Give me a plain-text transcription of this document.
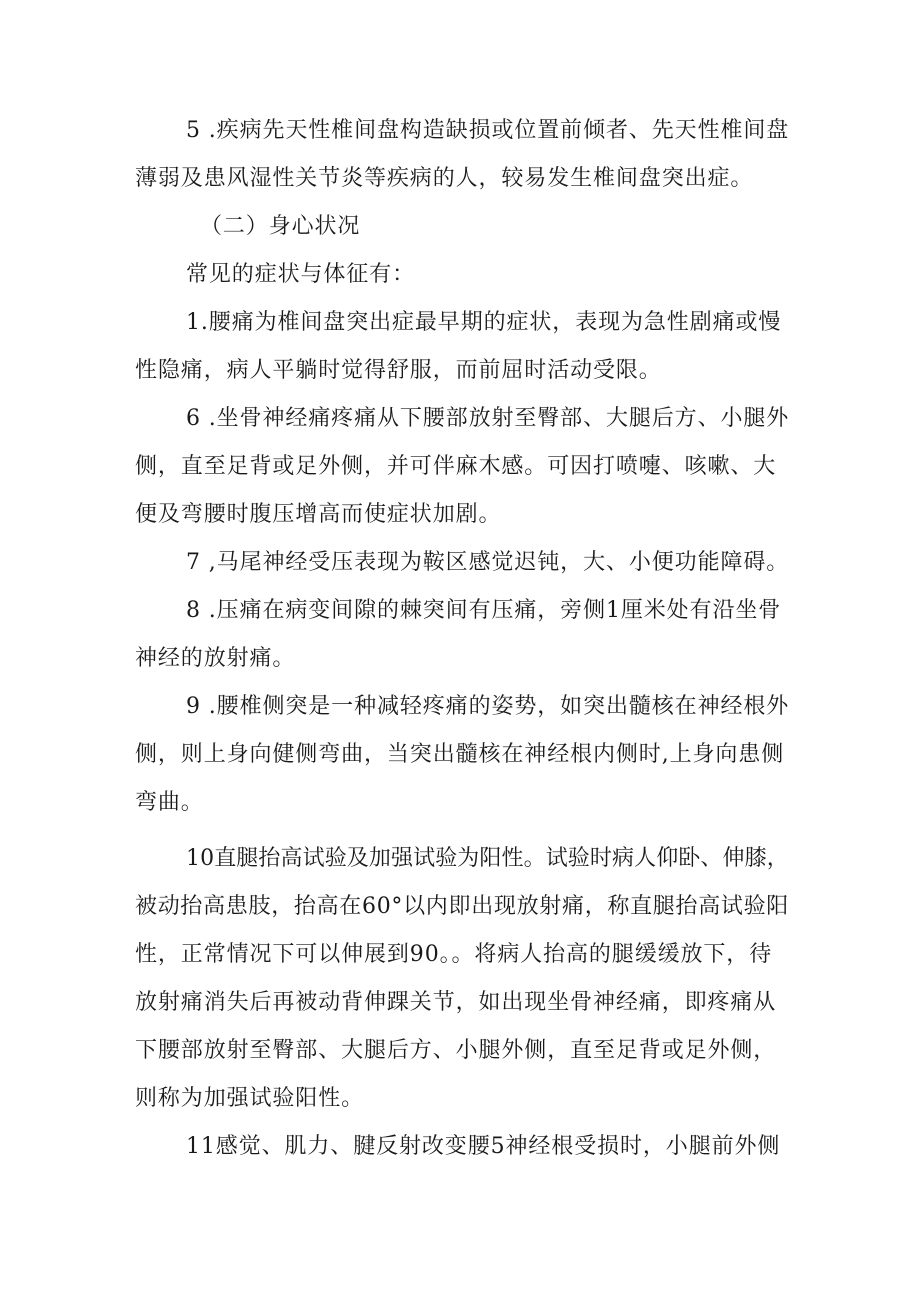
5 .疾病先天性椎间盘构造缺损或位置前倾者、先天性椎间盘
薄弱及患风湿性关节炎等疾病的人，较易发生椎间盘突出症。
（二）身心状况
常见的症状与体征有：
1.腰痛为椎间盘突出症最早期的症状，表现为急性剧痛或慢
性隐痛，病人平躺时觉得舒服，而前屈时活动受限。
6 .坐骨神经痛疼痛从下腰部放射至臀部、大腿后方、小腿外
侧，直至足背或足外侧，并可伴麻木感。可因打喷嚏、咳嗽、大
便及弯腰时腹压增高而使症状加剧。
7 ,马尾神经受压表现为鞍区感觉迟钝，大、小便功能障碍。
8 .压痛在病变间隙的棘突间有压痛，旁侧1厘米处有沿坐骨
神经的放射痛。
9 .腰椎侧突是一种减轻疼痛的姿势，如突出髓核在神经根外
侧，则上身向健侧弯曲，当突出髓核在神经根内侧时,上身向患侧
弯曲。
10直腿抬高试验及加强试验为阳性。试验时病人仰卧、伸膝，
被动抬高患肢，抬高在60°以内即出现放射痛，称直腿抬高试验阳
性，正常情况下可以伸展到90。。将病人抬高的腿缓缓放下，待
放射痛消失后再被动背伸踝关节，如出现坐骨神经痛，即疼痛从
下腰部放射至臀部、大腿后方、小腿外侧，直至足背或足外侧，
则称为加强试验阳性。
11感觉、肌力、腱反射改变腰5神经根受损时，小腿前外侧
